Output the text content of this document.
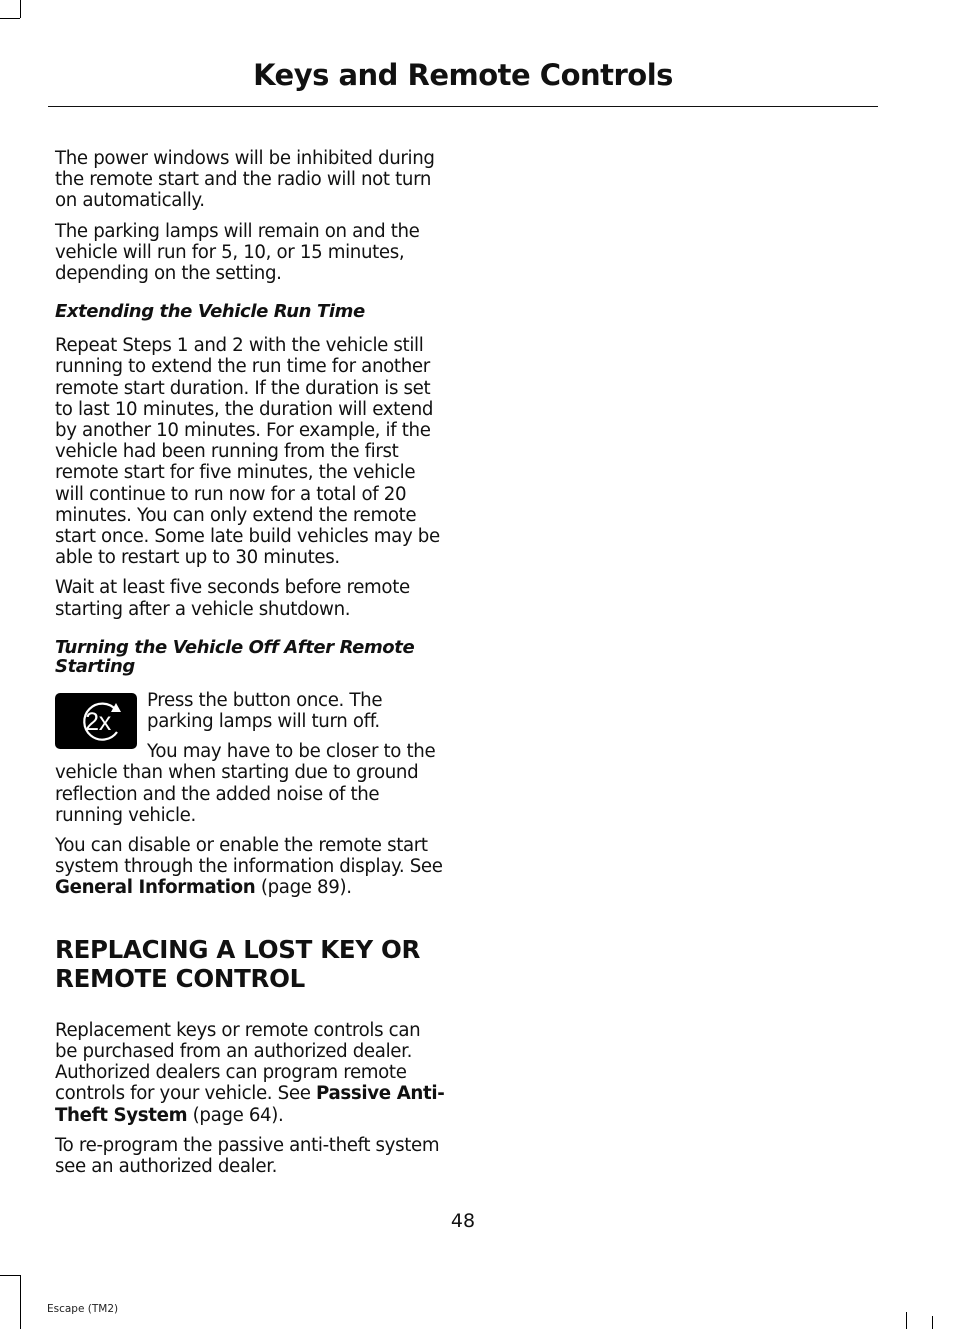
Keys and Remote Controls

The power windows will be inhibited during the remote start and the radio will not turn on automatically.

The parking lamps will remain on and the vehicle will run for 5, 10, or 15 minutes, depending on the setting.

Extending the Vehicle Run Time

Repeat Steps 1 and 2 with the vehicle still running to extend the run time for another remote start duration. If the duration is set to last 10 minutes, the duration will extend by another 10 minutes. For example, if the vehicle had been running from the first remote start for five minutes, the vehicle will continue to run now for a total of 20 minutes. You can only extend the remote start once. Some late build vehicles may be able to restart up to 30 minutes.

Wait at least five seconds before remote starting after a vehicle shutdown.

Turning the Vehicle Off After Remote Starting
2x

Press the button once. The parking lamps will turn off.

You may have to be closer to the vehicle than when starting due to ground reflection and the added noise of the running vehicle.

You can disable or enable the remote start system through the information display. See General Information (page 89).

REPLACING A LOST KEY OR REMOTE CONTROL

Replacement keys or remote controls can be purchased from an authorized dealer. Authorized dealers can program remote controls for your vehicle. See Passive Anti-Theft System (page 64).

To re-program the passive anti-theft system see an authorized dealer.

48
Escape (TM2)
